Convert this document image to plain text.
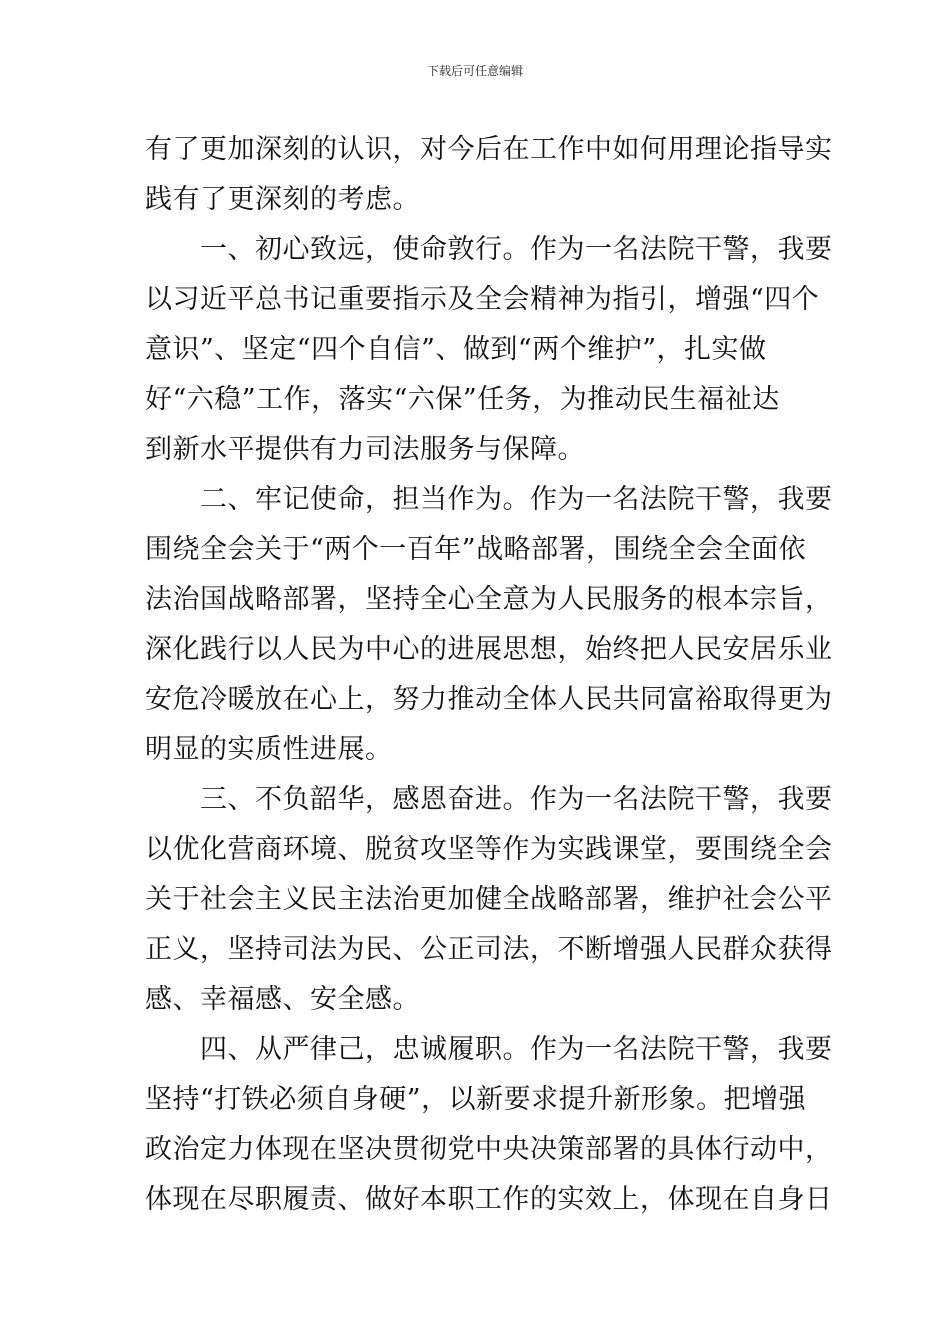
下载后可任意编辑
有了更加深刻的认识，对今后在工作中如何用理论指导实
践有了更深刻的考虑。
　　一、初心致远，使命敦行。作为一名法院干警，我要
以习近平总书记重要指示及全会精神为指引，增强“四个
意识”、坚定“四个自信”、做到“两个维护”，扎实做
好“六稳”工作，落实“六保”任务，为推动民生福祉达
到新水平提供有力司法服务与保障。
　　二、牢记使命，担当作为。作为一名法院干警，我要
围绕全会关于“两个一百年”战略部署，围绕全会全面依
法治国战略部署，坚持全心全意为人民服务的根本宗旨，
深化践行以人民为中心的进展思想，始终把人民安居乐业
安危冷暖放在心上，努力推动全体人民共同富裕取得更为
明显的实质性进展。
　　三、不负韶华，感恩奋进。作为一名法院干警，我要
以优化营商环境、脱贫攻坚等作为实践课堂，要围绕全会
关于社会主义民主法治更加健全战略部署，维护社会公平
正义，坚持司法为民、公正司法，不断增强人民群众获得
感、幸福感、安全感。
　　四、从严律己，忠诚履职。作为一名法院干警，我要
坚持“打铁必须自身硬”，以新要求提升新形象。把增强
政治定力体现在坚决贯彻党中央决策部署的具体行动中，
体现在尽职履责、做好本职工作的实效上，体现在自身日
